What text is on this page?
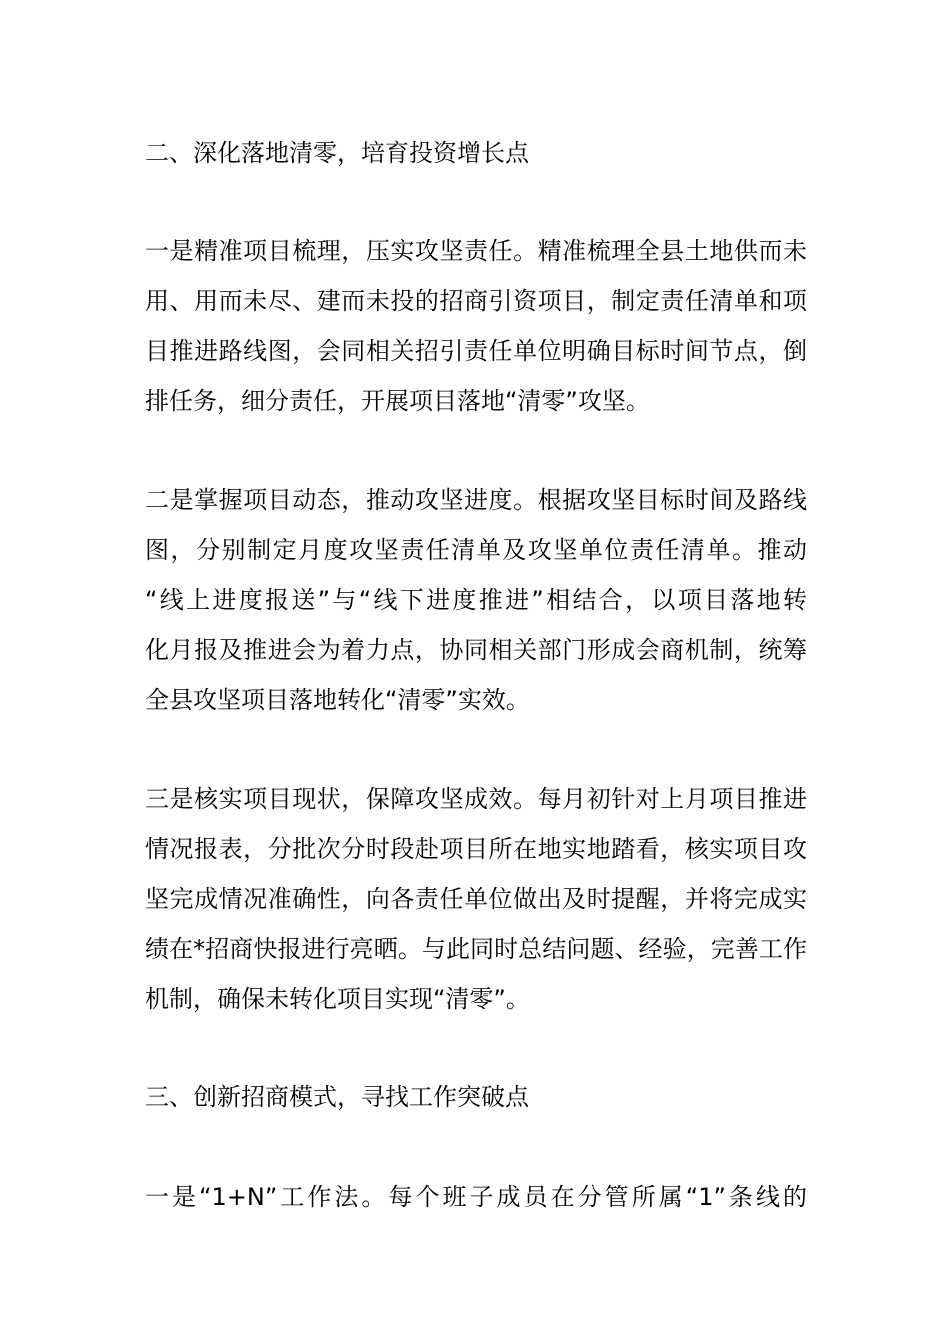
二、深化落地清零，培育投资增长点
一是精准项目梳理，压实攻坚责任。精准梳理全县土地供而未
用、用而未尽、建而未投的招商引资项目，制定责任清单和项
目推进路线图，会同相关招引责任单位明确目标时间节点，倒
排任务，细分责任，开展项目落地“清零”攻坚。
二是掌握项目动态，推动攻坚进度。根据攻坚目标时间及路线
图，分别制定月度攻坚责任清单及攻坚单位责任清单。推动
“线上进度报送”与“线下进度推进”相结合，以项目落地转
化月报及推进会为着力点，协同相关部门形成会商机制，统筹
全县攻坚项目落地转化“清零”实效。
三是核实项目现状，保障攻坚成效。每月初针对上月项目推进
情况报表，分批次分时段赴项目所在地实地踏看，核实项目攻
坚完成情况准确性，向各责任单位做出及时提醒，并将完成实
绩在*招商快报进行亮晒。与此同时总结问题、经验，完善工作
机制，确保未转化项目实现“清零”。
三、创新招商模式，寻找工作突破点
一是“1+N”工作法。每个班子成员在分管所属“1”条线的
